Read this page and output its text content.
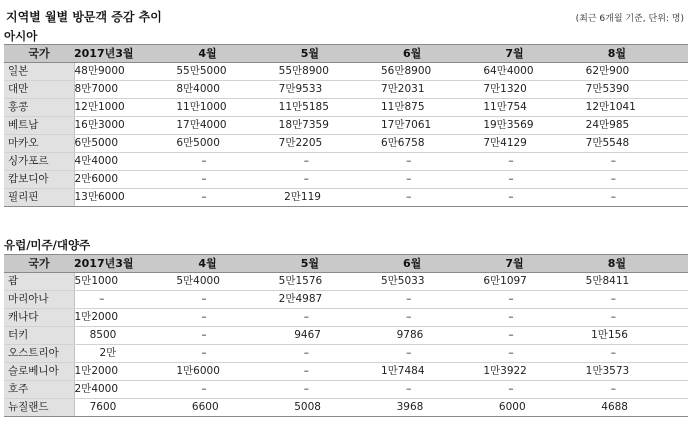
지역별 월별 방문객 증감 추이	(최근 6개월 기준, 단위: 명)
아시아
국가	2017년3월	4월	5월	6월	7월	8월
일본	48만9000	55만5000	55만8900	56만8900	64만4000	62만900
대만	8만7000	8만4000	7만9533	7만2031	7만1320	7만5390
홍콩	12만1000	11만1000	11만5185	11만875	11만754	12만1041
베트남	16만3000	17만4000	18만7359	17만7061	19만3569	24만985
마카오	6만5000	6만5000	7만2205	6만6758	7만4129	7만5548
싱가포르	4만4000	–	–	–	–	–
캄보디아	2만6000	–	–	–	–	–
필리핀	13만6000	–	2만119	–	–	–
유럽/미주/대양주
국가	2017년3월	4월	5월	6월	7월	8월
괌	5만1000	5만4000	5만1576	5만5033	6만1097	5만8411
마리아나	–	–	2만4987	–	–	–
캐나다	1만2000	–	–	–	–	–
터키	8500	–	9467	9786	–	1만156
오스트리아	2만	–	–	–	–	–
슬로베니아	1만2000	1만6000	–	1만7484	1만3922	1만3573
호주	2만4000	–	–	–	–	–
뉴질랜드	7600	6600	5008	3968	6000	4688
